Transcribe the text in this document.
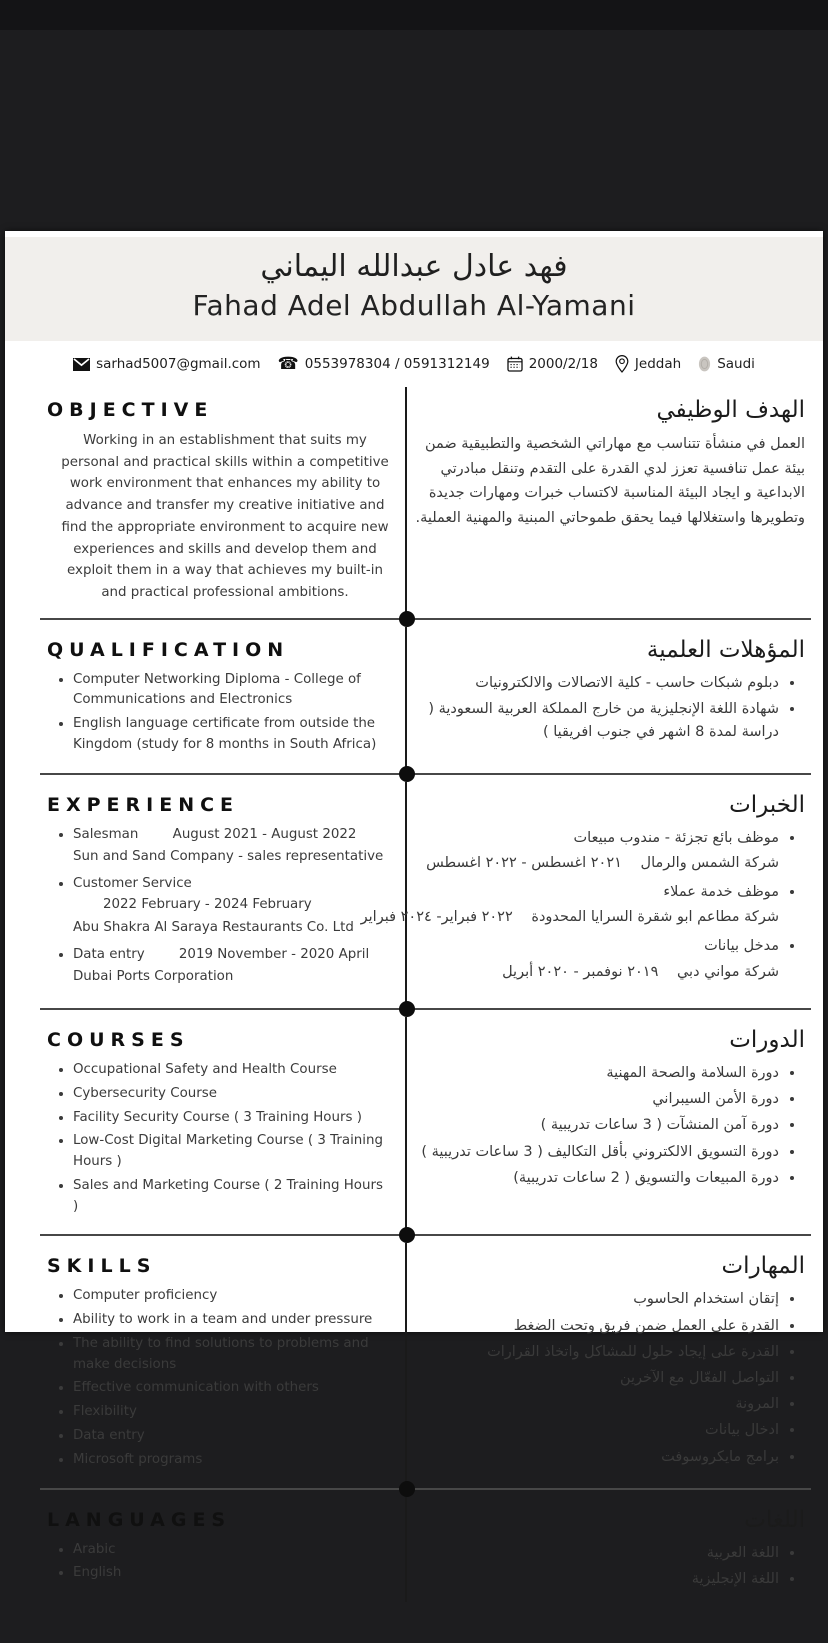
فهد عادل عبدالله اليماني
Fahad Adel Abdullah Al-Yamani
sarhad5007@gmail.com ☎ 0553978304 / 0591312149	2000/2/18	Jeddah	Saudi
OBJECTIVE
Working in an establishment that suits my personal and practical skills within a competitive work environment that enhances my ability to advance and transfer my creative initiative and find the appropriate environment to acquire new experiences and skills and develop them and exploit them in a way that achieves my built-in and practical professional ambitions.
الهدف الوظيفي
العمل في منشأة تتناسب مع مهاراتي الشخصية والتطبيقية ضمن بيئة عمل تنافسية تعزز لدي القدرة على التقدم وتنقل مبادرتي الابداعية و ايجاد البيئة المناسبة لاكتساب خبرات ومهارات جديدة وتطويرها واستغلالها فيما يحقق طموحاتي المبنية والمهنية العملية.
QUALIFICATION
• Computer Networking Diploma - College of Communications and Electronics
• English language certificate from outside the Kingdom (study for 8 months in South Africa)
المؤهلات العلمية
• دبلوم شبكات حاسب - كلية الاتصالات والالكترونيات
• شهادة اللغة الإنجليزية من خارج المملكة العربية السعودية ( دراسة لمدة 8 اشهر في جنوب افريقيا )
EXPERIENCE
• Salesman	August 2021 - August 2022
Sun and Sand Company - sales representative
• Customer Service 2022 February - 2024 February
Abu Shakra Al Saraya Restaurants Co. Ltd
• Data entry	2019 November - 2020 April
Dubai Ports Corporation
الخبرات
• موظف بائع تجزئة - مندوب مبيعات
شركة الشمس والرمال ٢٠٢١ اغسطس - ٢٠٢٢ اغسطس
• موظف خدمة عملاء
شركة مطاعم ابو شقرة السرايا المحدودة ٢٠٢٢ فبراير- ٢٠٢٤ فبراير
• مدخل بيانات
شركة مواني دبي ٢٠١٩ نوفمبر - ٢٠٢٠ أبريل
COURSES
• Occupational Safety and Health Course
• Cybersecurity Course
• Facility Security Course ( 3 Training Hours )
• Low-Cost Digital Marketing Course ( 3 Training Hours )
• Sales and Marketing Course ( 2 Training Hours )
الدورات
• دورة السلامة والصحة المهنية
• دورة الأمن السيبراني
• دورة آمن المنشآت ( 3 ساعات تدريبية )
• دورة التسويق الالكتروني بأقل التكاليف ( 3 ساعات تدريبية )
• دورة المبيعات والتسويق ( 2 ساعات تدريبية)
SKILLS
• Computer proficiency
• Ability to work in a team and under pressure
• The ability to find solutions to problems and make decisions
• Effective communication with others
• Flexibility
• Data entry
• Microsoft programs
المهارات
• إتقان استخدام الحاسوب
• القدرة على العمل ضمن فريق وتحت الضغط
• القدرة على إيجاد حلول للمشاكل واتخاذ القرارات
• التواصل الفعّال مع الآخرين
• المرونة
• ادخال بيانات
• برامج مايكروسوفت
LANGUAGES
• Arabic
• English
اللغات
• اللغة العربية
• اللغة الإنجليزية
